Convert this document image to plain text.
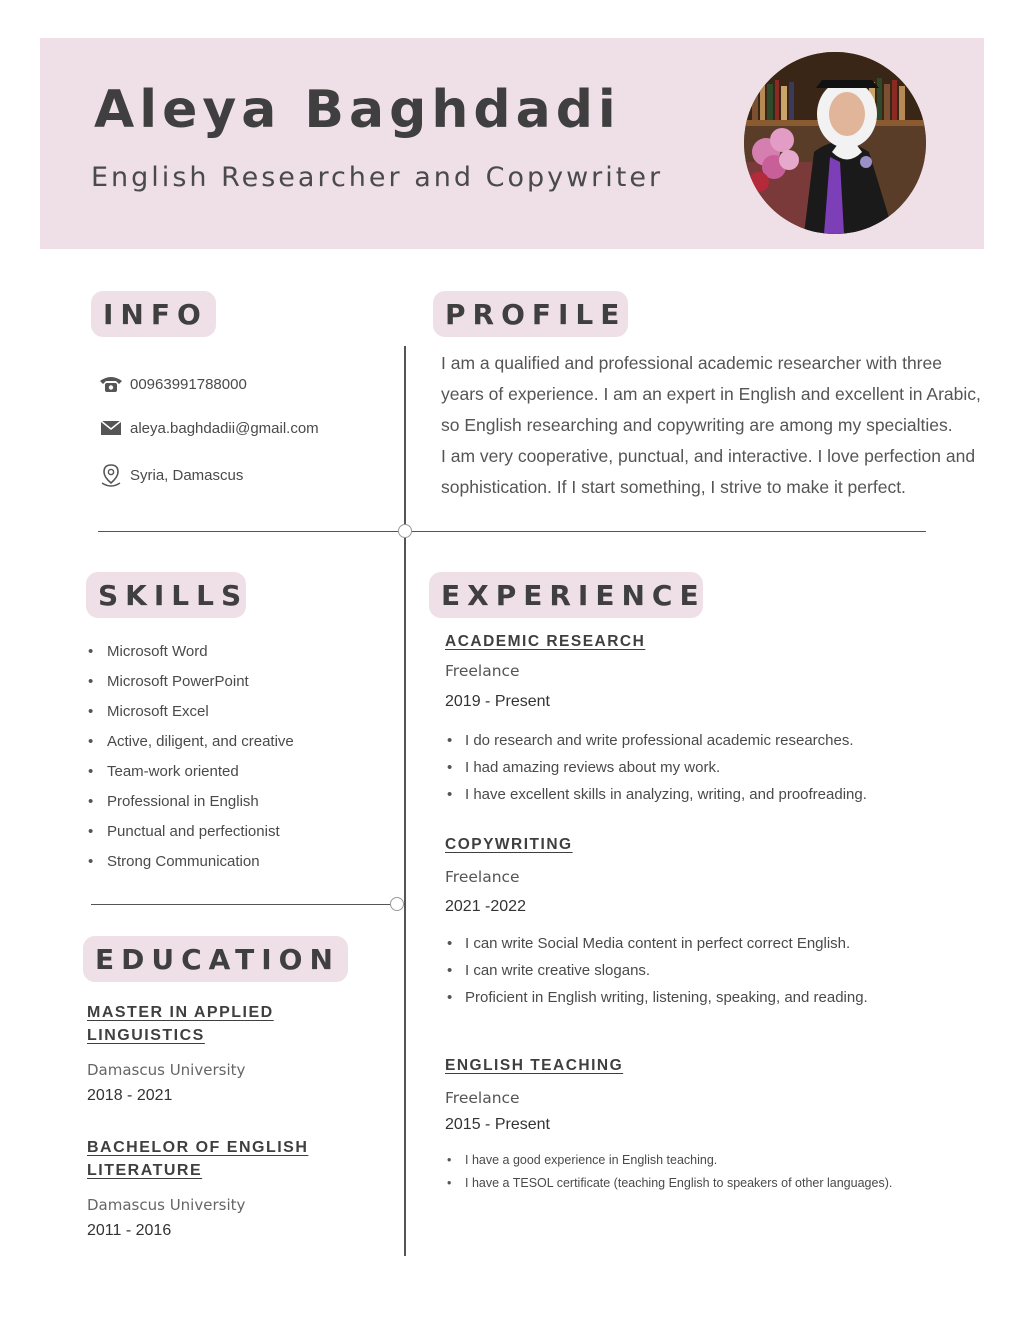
Aleya Baghdadi
English Researcher and Copywriter
INFO
00963991788000
aleya.baghdadii@gmail.com
Syria, Damascus
PROFILE

I am a qualified and professional academic researcher with three

years of experience. I am an expert in English and excellent in Arabic,

so English researching and copywriting are among my specialties.

I am very cooperative, punctual, and interactive. I love perfection and

sophistication. If I start something, I strive to make it perfect.

SKILLS
• Microsoft Word
• Microsoft PowerPoint
• Microsoft Excel
• Active, diligent, and creative
• Team-work oriented
• Professional in English
• Punctual and perfectionist
• Strong Communication
EDUCATION
MASTER IN APPLIED
LINGUISTICS
Damascus University
2018 - 2021
BACHELOR OF ENGLISH
LITERATURE
Damascus University
2011 - 2016
EXPERIENCE
ACADEMIC RESEARCH
Freelance
2019 - Present
• I do research and write professional academic researches.
• I had amazing reviews about my work.
• I have excellent skills in analyzing, writing, and proofreading.
COPYWRITING
Freelance
2021 -2022
• I can write Social Media content in perfect correct English.
• I can write creative slogans.
• Proficient in English writing, listening, speaking, and reading.
ENGLISH TEACHING
Freelance
2015 - Present
• I have a good experience in English teaching.
• I have a TESOL certificate (teaching English to speakers of other languages).
